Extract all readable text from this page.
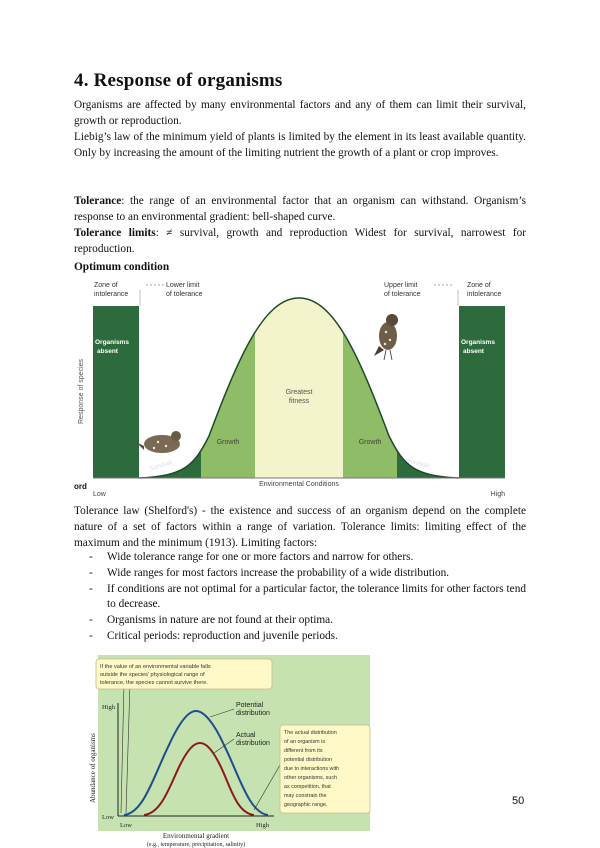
4. Response of organisms

Organisms are affected by many environmental factors and any of them can limit their survival, growth or reproduction.

Liebig’s law of the minimum yield of plants is limited by the element in its least available quantity. Only by increasing the amount of the limiting nutrient the growth of a plant or crop improves.

Tolerance: the range of an environmental factor that an organism can withstand. Organism’s response to an environmental gradient: bell-shaped curve.

Tolerance limits: ≠ survival, growth and reproduction Widest for survival, narrowest for reproduction.

Optimum condition

Zone of
intolerance
Lower limit
of tolerance
Upper limit
of tolerance
Zone of
intolerance
Organisms
absent
Organisms
absent
Greatest
fitness
Growth	Growth
Survival	Survival
Response of species
Environmental Conditions
Low	High
ord

Tolerance law (Shelford's) - the existence and success of an organism depend on the complete nature of a set of factors within a range of variation. Tolerance limits: limiting effect of the maximum and the minimum (1913). Limiting factors:

- Wide tolerance range for one or more factors and narrow for others.
- Wide ranges for most factors increase the probability of a wide distribution.
- If conditions are not optimal for a particular factor, the tolerance limits for other factors tend to decrease.
- Organisms in nature are not found at their optima.
- Critical periods: reproduction and juvenile periods.
If the value of an environmental variable falls
outside the species' physiological range of
tolerance, the species cannot survive there.
Potential
distribution
Actual
distribution
The actual distribution
of an organism is
different from its
potential distribution
due to interactions with
other organisms, such
as competition, that
may constrain the
geographic range.
High
Low
Abundance of organisms
Low	High
Environmental gradient
(e.g., temperature, precipitation, salinity)
50
